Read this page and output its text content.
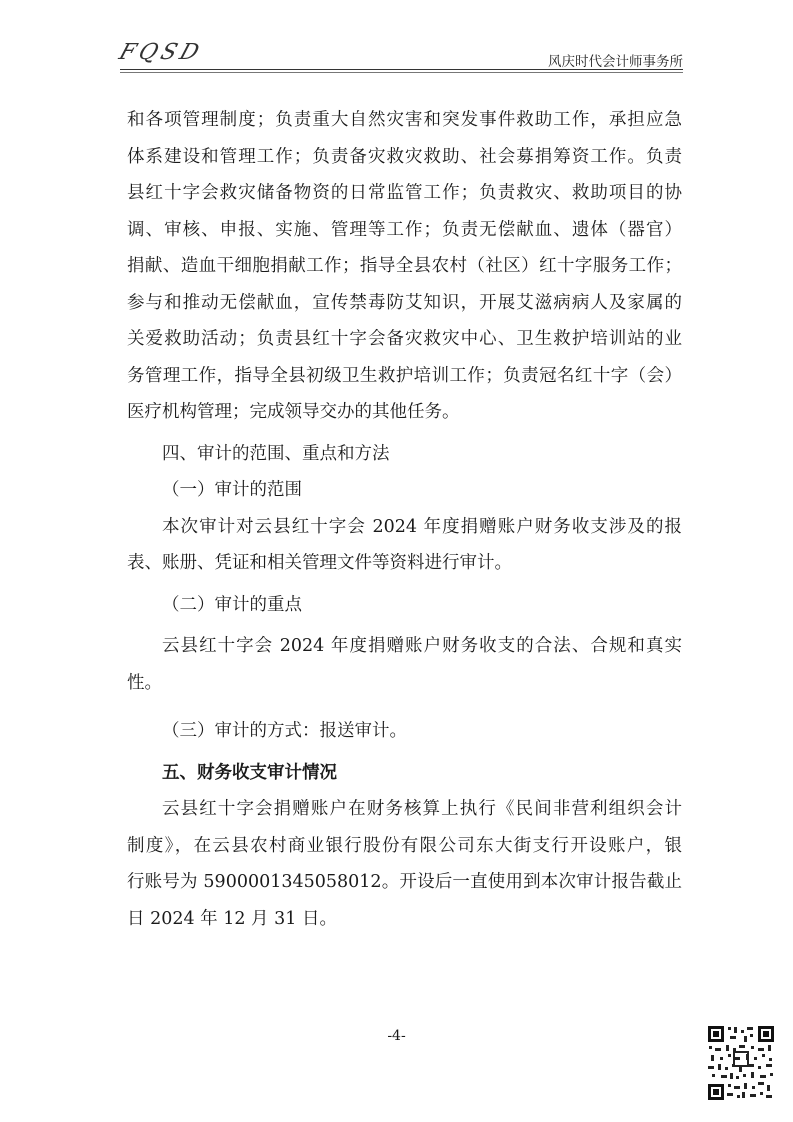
FQSD	风庆时代会计师事务所
和各项管理制度；负责重大自然灾害和突发事件救助工作，承担应急
体系建设和管理工作；负责备灾救灾救助、社会募捐筹资工作。负责
县红十字会救灾储备物资的日常监管工作；负责救灾、救助项目的协
调、审核、申报、实施、管理等工作；负责无偿献血、遗体（器官）
捐献、造血干细胞捐献工作；指导全县农村（社区）红十字服务工作；
参与和推动无偿献血，宣传禁毒防艾知识，开展艾滋病病人及家属的
关爱救助活动；负责县红十字会备灾救灾中心、卫生救护培训站的业
务管理工作，指导全县初级卫生救护培训工作；负责冠名红十字（会）
医疗机构管理；完成领导交办的其他任务。
四、审计的范围、重点和方法
（一）审计的范围
本次审计对云县红十字会 2024 年度捐赠账户财务收支涉及的报
表、账册、凭证和相关管理文件等资料进行审计。
（二）审计的重点
云县红十字会 2024 年度捐赠账户财务收支的合法、合规和真实
性。
（三）审计的方式：报送审计。
五、财务收支审计情况
云县红十字会捐赠账户在财务核算上执行《民间非营利组织会计
制度》，在云县农村商业银行股份有限公司东大街支行开设账户，银
行账号为 5900001345058012。开设后一直使用到本次审计报告截止
日 2024 年 12 月 31 日。
-4-
